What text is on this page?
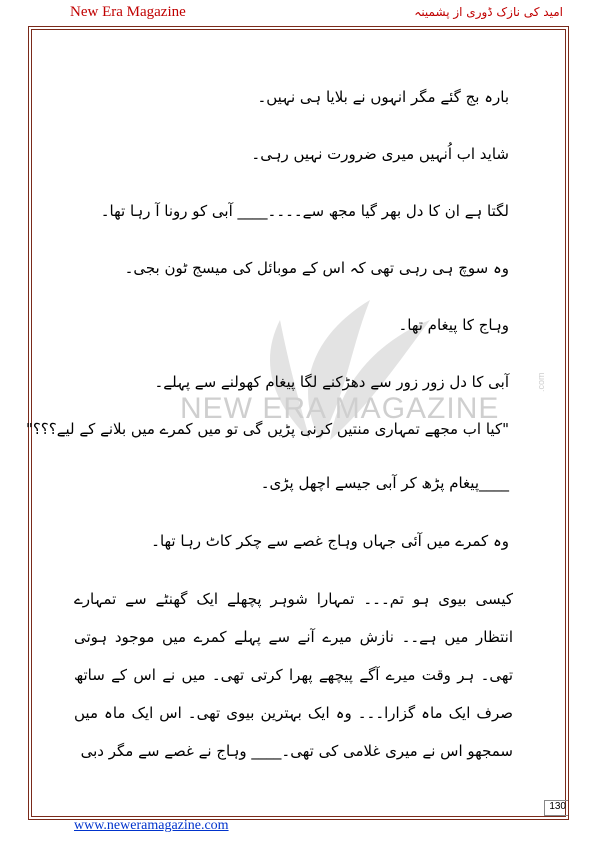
New Era Magazine	امید کی نازک ڈوری از پشمینہ
NEW ERA MAGAZINE
.com
بارہ بج گئے مگر انہوں نے بلایا ہی نہیں۔
شاید اب اُنہیں میری ضرورت نہیں رہی۔
لگتا ہے ان کا دل بھر گیا مجھ سے۔۔۔۔____ آبی کو رونا آ رہا تھا۔
وہ سوچ ہی رہی تھی کہ اس کے موبائل کی میسج ٹون بجی۔
وہاج کا پیغام تھا۔
آبی کا دل زور زور سے دھڑکنے لگا پیغام کھولنے سے پہلے۔
"کیا اب مجھے تمہاری منتیں کرنی پڑیں گی تو میں کمرے میں بلانے کے لیے؟؟؟"
____پیغام پڑھ کر آبی جیسے اچھل پڑی۔
وہ کمرے میں آئی جہاں وہاج غصے سے چکر کاٹ رہا تھا۔
کیسی بیوی ہو تم۔۔۔ تمہارا شوہر پچھلے ایک گھنٹے سے تمہارے انتظار میں ہے۔۔ نازش میرے آنے سے پہلے کمرے میں موجود ہوتی تھی۔ ہر وقت میرے آگے پیچھے پھرا کرتی تھی۔ میں نے اس کے ساتھ صرف ایک ماہ گزارا۔۔۔ وہ ایک بہترین بیوی تھی۔ اس ایک ماہ میں سمجھو اس نے میری غلامی کی تھی۔____ وہاج نے غصے سے مگر دبی
130
www.neweramagazine.com
